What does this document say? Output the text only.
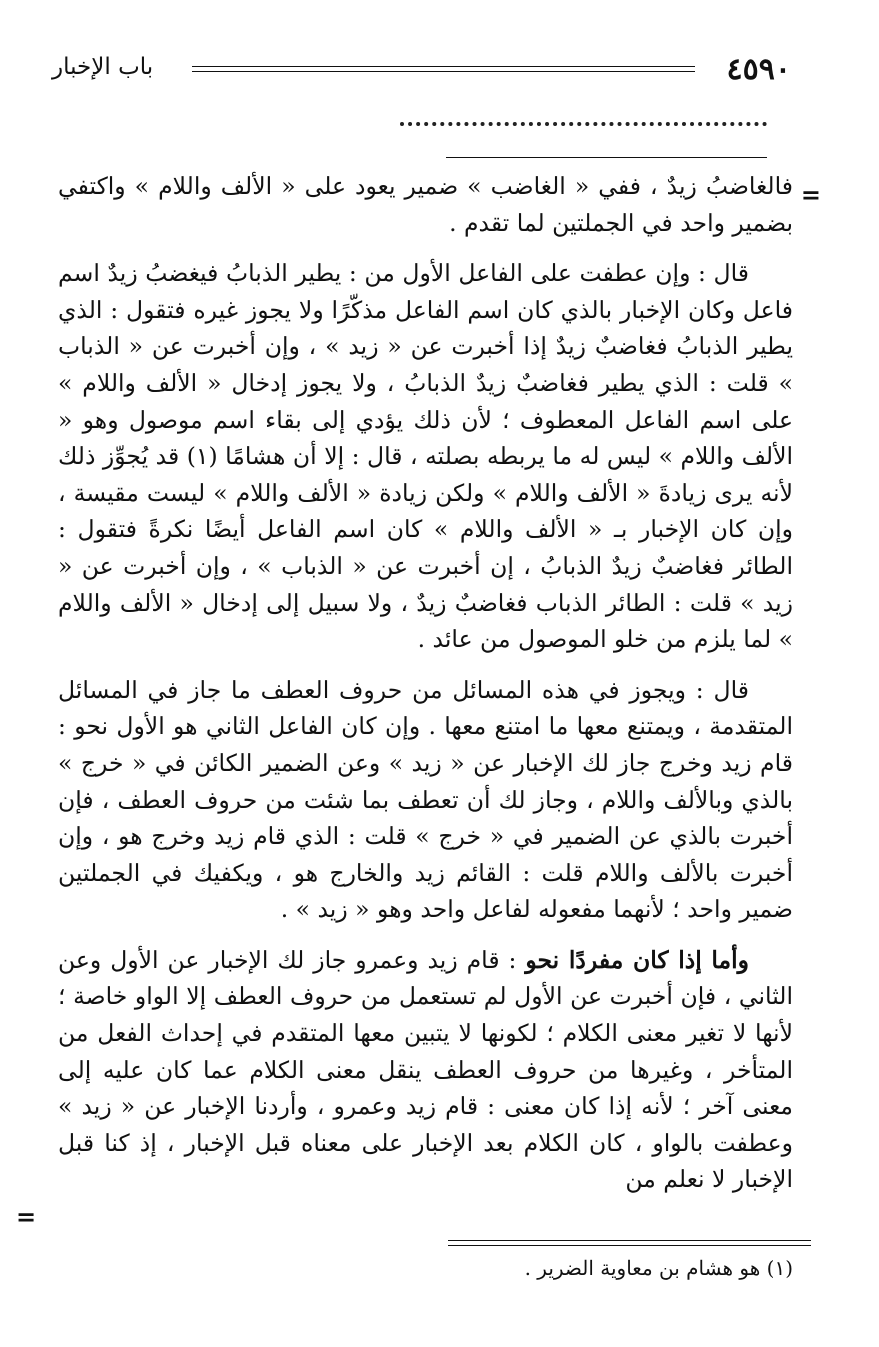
٤٥٩٠
باب الإخبار
=

فالغاضبُ زيدٌ ، ففي « الغاضب » ضمير يعود على « الألف واللام » واكتفي بضمير واحد في الجملتين لما تقدم .

قال : وإن عطفت على الفاعل الأول من : يطير الذبابُ فيغضبُ زيدٌ اسم فاعل وكان الإخبار بالذي كان اسم الفاعل مذكّرًا ولا يجوز غيره فتقول : الذي يطير الذبابُ فغاضبٌ زيدٌ إذا أخبرت عن « زيد » ، وإن أخبرت عن « الذباب » قلت : الذي يطير فغاضبٌ زيدٌ الذبابُ ، ولا يجوز إدخال « الألف واللام » على اسم الفاعل المعطوف ؛ لأن ذلك يؤدي إلى بقاء اسم موصول وهو « الألف واللام » ليس له ما يربطه بصلته ، قال : إلا أن هشامًا (١) قد يُجوِّز ذلك لأنه يرى زيادةَ « الألف واللام » ولكن زيادة « الألف واللام » ليست مقيسة ، وإن كان الإخبار بـ « الألف واللام » كان اسم الفاعل أيضًا نكرةً فتقول : الطائر فغاضبٌ زيدٌ الذبابُ ، إن أخبرت عن « الذباب » ، وإن أخبرت عن « زيد » قلت : الطائر الذباب فغاضبٌ زيدٌ ، ولا سبيل إلى إدخال « الألف واللام » لما يلزم من خلو الموصول من عائد .

قال : ويجوز في هذه المسائل من حروف العطف ما جاز في المسائل المتقدمة ، ويمتنع معها ما امتنع معها . وإن كان الفاعل الثاني هو الأول نحو : قام زيد وخرج جاز لك الإخبار عن « زيد » وعن الضمير الكائن في « خرج » بالذي وبالألف واللام ، وجاز لك أن تعطف بما شئت من حروف العطف ، فإن أخبرت بالذي عن الضمير في « خرج » قلت : الذي قام زيد وخرج هو ، وإن أخبرت بالألف واللام قلت : القائم زيد والخارج هو ، ويكفيك في الجملتين ضمير واحد ؛ لأنهما مفعوله لفاعل واحد وهو « زيد » .

وأما إذا كان مفردًا نحو : قام زيد وعمرو جاز لك الإخبار عن الأول وعن الثاني ، فإن أخبرت عن الأول لم تستعمل من حروف العطف إلا الواو خاصة ؛ لأنها لا تغير معنى الكلام ؛ لكونها لا يتبين معها المتقدم في إحداث الفعل من المتأخر ، وغيرها من حروف العطف ينقل معنى الكلام عما كان عليه إلى معنى آخر ؛ لأنه إذا كان معنى : قام زيد وعمرو ، وأردنا الإخبار عن « زيد » وعطفت بالواو ، كان الكلام بعد الإخبار على معناه قبل الإخبار ، إذ كنا قبل الإخبار لا نعلم من

=
(١) هو هشام بن معاوية الضرير .
